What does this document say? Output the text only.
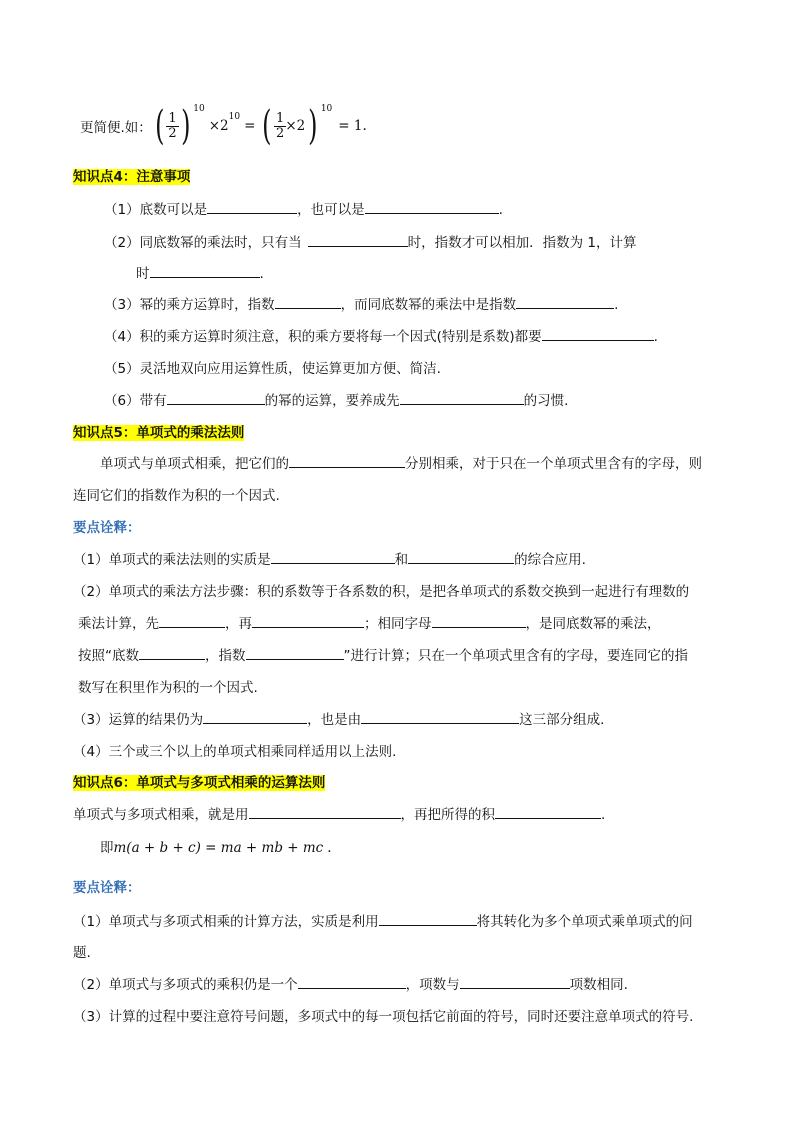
更简便.如： ( $\frac{1}{2}$ ) $^{10}$
×2
$^{10}$
= ( $\frac{1}{2} \times 2$ ) $^{10}$
= 1.
知识点4：注意事项
（1）底数可以是	，也可以是	.
（2）同底数幂的乘法时，只有当	时，指数才可以相加．指数为 1，计算
时	.
（3）幂的乘方运算时，指数	，而同底数幂的乘法中是指数	.
（4）积的乘方运算时须注意，积的乘方要将每一个因式(特别是系数)都要	.
（5）灵活地双向应用运算性质，使运算更加方便、简洁.
（6）带有	的幂的运算，要养成先	的习惯.
知识点5：单项式的乘法法则
单项式与单项式相乘，把它们的	分别相乘，对于只在一个单项式里含有的字母，则
连同它们的指数作为积的一个因式.
要点诠释：
（1）单项式的乘法法则的实质是	和	的综合应用.
（2）单项式的乘法方法步骤：积的系数等于各系数的积，是把各单项式的系数交换到一起进行有理数的
乘法计算，先	，再	；相同字母	，是同底数幂的乘法，
按照“底数	，指数	”进行计算；只在一个单项式里含有的字母，要连同它的指
数写在积里作为积的一个因式.
（3）运算的结果仍为	，也是由	这三部分组成.
（4）三个或三个以上的单项式相乘同样适用以上法则.
知识点6：单项式与多项式相乘的运算法则
单项式与多项式相乘，就是用	，再把所得的积	.
即m(a + b + c) = ma + mb + mc .
要点诠释：
（1）单项式与多项式相乘的计算方法，实质是利用	将其转化为多个单项式乘单项式的问
题.
（2）单项式与多项式的乘积仍是一个	，项数与	项数相同.
（3）计算的过程中要注意符号问题，多项式中的每一项包括它前面的符号，同时还要注意单项式的符号.
